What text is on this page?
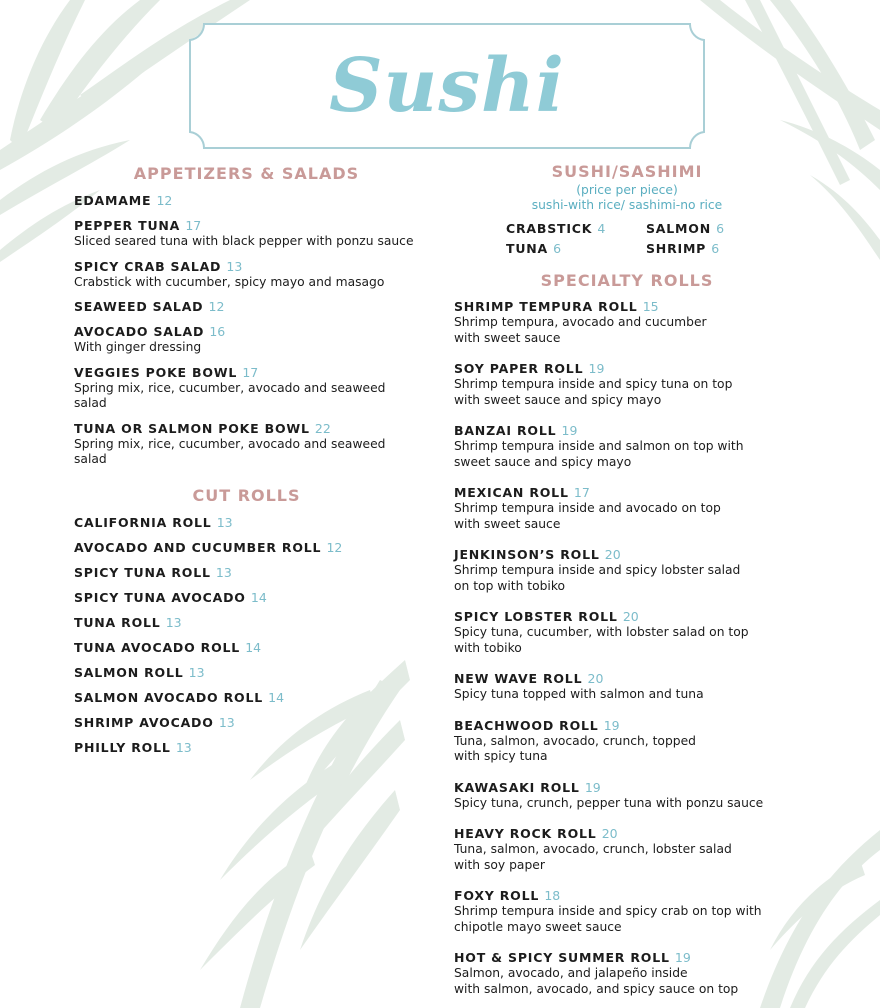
Sushi
APPETIZERS & SALADS
EDAMAME 12
PEPPER TUNA 17
Sliced seared tuna with black pepper with ponzu sauce
SPICY CRAB SALAD 13
Crabstick with cucumber, spicy mayo and masago
SEAWEED SALAD 12
AVOCADO SALAD 16
With ginger dressing
VEGGIES POKE BOWL 17
Spring mix, rice, cucumber, avocado and seaweed salad
TUNA OR SALMON POKE BOWL 22
Spring mix, rice, cucumber, avocado and seaweed salad
CUT ROLLS
CALIFORNIA ROLL 13
AVOCADO AND CUCUMBER ROLL 12
SPICY TUNA ROLL 13
SPICY TUNA AVOCADO 14
TUNA ROLL 13
TUNA AVOCADO ROLL 14
SALMON ROLL 13
SALMON AVOCADO ROLL 14
SHRIMP AVOCADO 13
PHILLY ROLL 13
SUSHI/SASHIMI
(price per piece)
sushi-with rice/ sashimi-no rice
CRABSTICK 4	SALMON 6
TUNA 6	SHRIMP 6
SPECIALTY ROLLS
SHRIMP TEMPURA ROLL 15
Shrimp tempura, avocado and cucumber
with sweet sauce
SOY PAPER ROLL 19
Shrimp tempura inside and spicy tuna on top
with sweet sauce and spicy mayo
BANZAI ROLL 19
Shrimp tempura inside and salmon on top with
sweet sauce and spicy mayo
MEXICAN ROLL 17
Shrimp tempura inside and avocado on top
with sweet sauce
JENKINSON’S ROLL 20
Shrimp tempura inside and spicy lobster salad
on top with tobiko
SPICY LOBSTER ROLL 20
Spicy tuna, cucumber, with lobster salad on top
with tobiko
NEW WAVE ROLL 20
Spicy tuna topped with salmon and tuna
BEACHWOOD ROLL 19
Tuna, salmon, avocado, crunch, topped
with spicy tuna
KAWASAKI ROLL 19
Spicy tuna, crunch, pepper tuna with ponzu sauce
HEAVY ROCK ROLL 20
Tuna, salmon, avocado, crunch, lobster salad
with soy paper
FOXY ROLL 18
Shrimp tempura inside and spicy crab on top with
chipotle mayo sweet sauce
HOT & SPICY SUMMER ROLL 19
Salmon, avocado, and jalapeño inside
with salmon, avocado, and spicy sauce on top
